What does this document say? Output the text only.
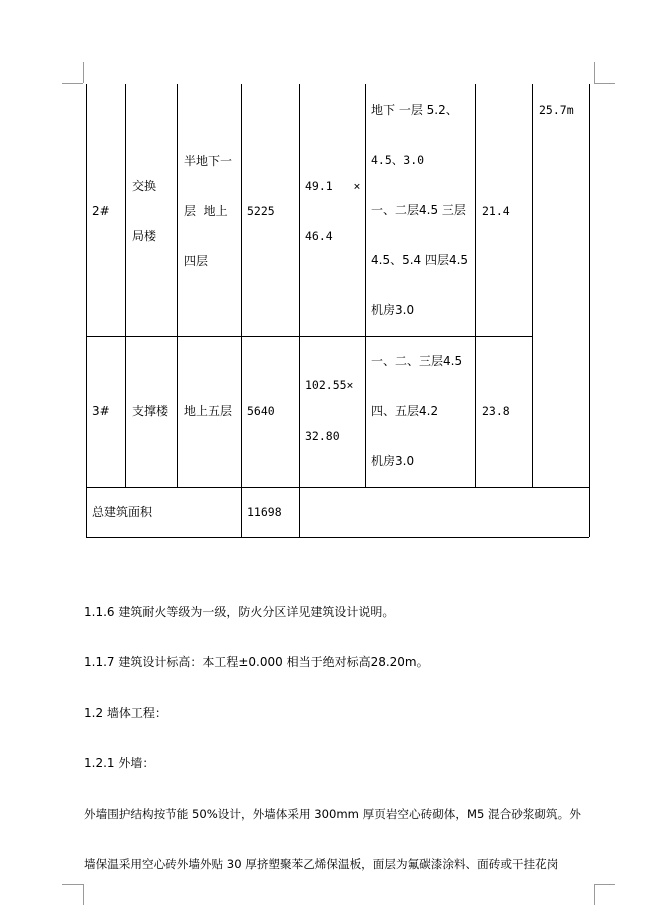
2#
交换
局楼
半地下一
层  地上
四层
5225
49.1   ×
46.4
地下 一层 5.2、
4.5、3.0
一、二层4.5 三层
4.5、5.4 四层4.5
机房3.0
21.4
25.7m
3# 支撑楼 地上五层 5640
102.55×
32.80
一、二、三层4.5
四、五层4.2
机房3.0
23.8
总建筑面积	11698
1.1.6 建筑耐火等级为一级，防火分区详见建筑设计说明。
1.1.7 建筑设计标高：本工程±0.000 相当于绝对标高28.20m。
1.2 墙体工程：
1.2.1 外墙：
外墙围护结构按节能 50%设计，外墙体采用 300mm 厚页岩空心砖砌体，M5 混合砂浆砌筑。外
墙保温采用空心砖外墙外贴 30 厚挤塑聚苯乙烯保温板，面层为氟碳漆涂料、面砖或干挂花岗
